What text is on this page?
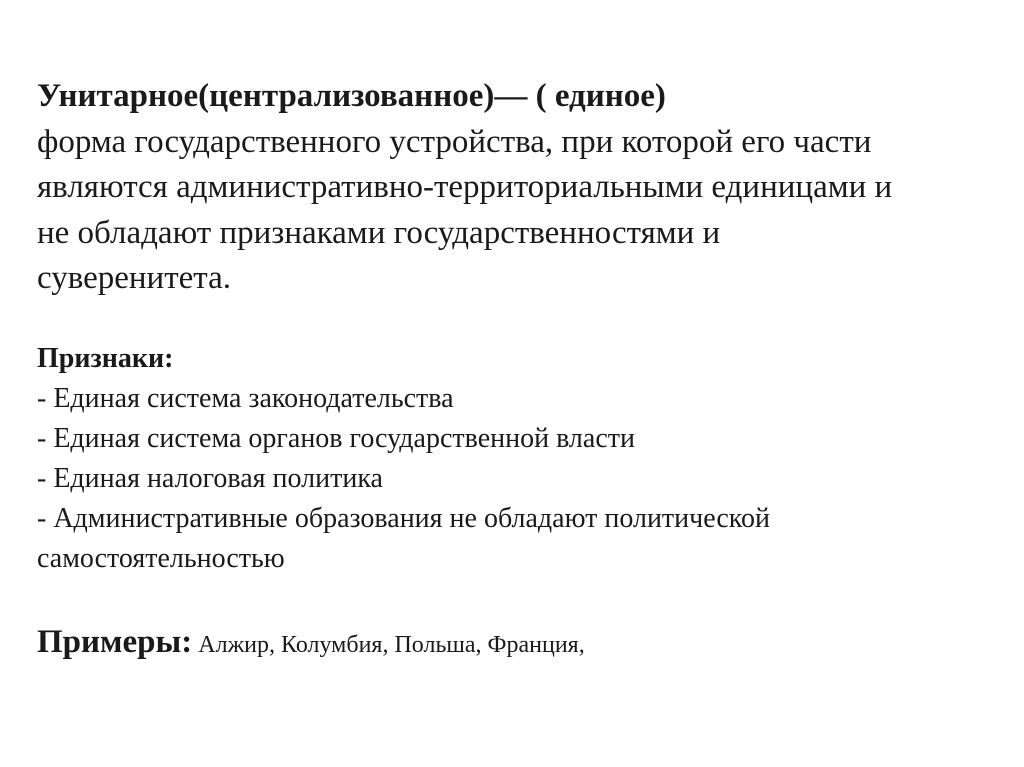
Унитарное(централизованное)— ( единое)
форма государственного устройства, при которой его части
являются административно-территориальными единицами и
не обладают признаками государственностями и
суверенитета.
Признаки:
- Единая система законодательства
- Единая система органов государственной власти
- Единая налоговая политика
- Административные образования не обладают политической
самостоятельностью
Примеры: Алжир, Колумбия, Польша, Франция,
